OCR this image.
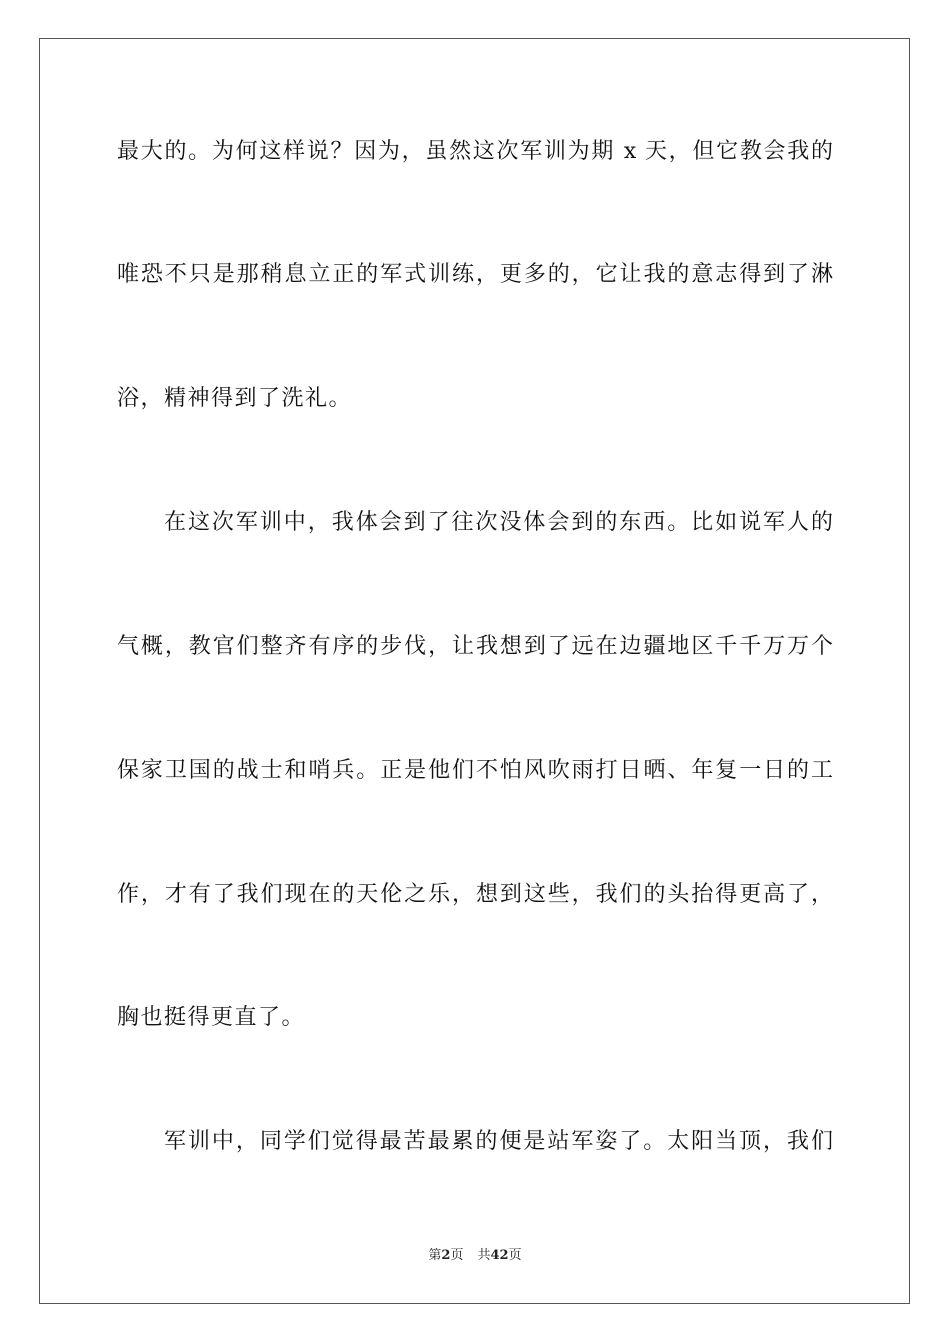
最大的。为何这样说？因为，虽然这次军训为期 x 天，但它教会我的
唯恐不只是那稍息立正的军式训练，更多的，它让我的意志得到了淋
浴，精神得到了洗礼。
在这次军训中，我体会到了往次没体会到的东西。比如说军人的
气概，教官们整齐有序的步伐，让我想到了远在边疆地区千千万万个
保家卫国的战士和哨兵。正是他们不怕风吹雨打日晒、年复一日的工
作，才有了我们现在的天伦之乐，想到这些，我们的头抬得更高了，
胸也挺得更直了。
军训中，同学们觉得最苦最累的便是站军姿了。太阳当顶，我们
第2页 共42页
